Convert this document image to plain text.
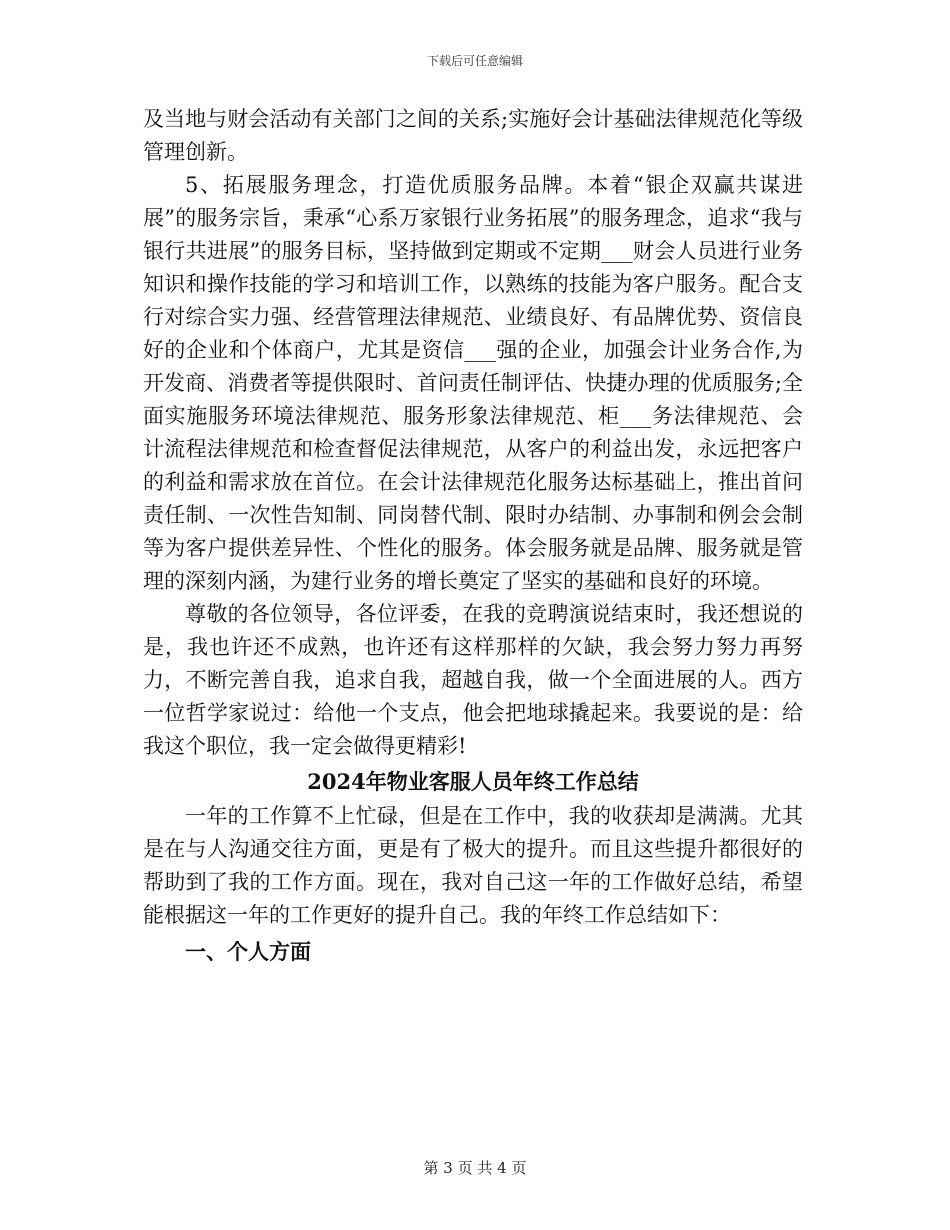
下载后可任意编辑

及当地与财会活动有关部门之间的关系;实施好会计基础法律规范化等级管理创新。

5、拓展服务理念，打造优质服务品牌。本着“银企双赢共谋进展”的服务宗旨，秉承“心系万家银行业务拓展”的服务理念，追求“我与银行共进展”的服务目标，坚持做到定期或不定期___财会人员进行业务知识和操作技能的学习和培训工作，以熟练的技能为客户服务。配合支行对综合实力强、经营管理法律规范、业绩良好、有品牌优势、资信良好的企业和个体商户，尤其是资信___强的企业，加强会计业务合作,为开发商、消费者等提供限时、首问责任制评估、快捷办理的优质服务;全面实施服务环境法律规范、服务形象法律规范、柜___务法律规范、会计流程法律规范和检查督促法律规范，从客户的利益出发，永远把客户的利益和需求放在首位。在会计法律规范化服务达标基础上，推出首问责任制、一次性告知制、同岗替代制、限时办结制、办事制和例会会制等为客户提供差异性、个性化的服务。体会服务就是品牌、服务就是管理的深刻内涵，为建行业务的增长奠定了坚实的基础和良好的环境。

尊敬的各位领导，各位评委，在我的竞聘演说结束时，我还想说的是，我也许还不成熟，也许还有这样那样的欠缺，我会努力努力再努力，不断完善自我，追求自我，超越自我，做一个全面进展的人。西方一位哲学家说过：给他一个支点，他会把地球撬起来。我要说的是：给我这个职位，我一定会做得更精彩!

2024年物业客服人员年终工作总结

一年的工作算不上忙碌，但是在工作中，我的收获却是满满。尤其是在与人沟通交往方面，更是有了极大的提升。而且这些提升都很好的帮助到了我的工作方面。现在，我对自己这一年的工作做好总结，希望能根据这一年的工作更好的提升自己。我的年终工作总结如下：

一、个人方面

第 3 页 共 4 页
